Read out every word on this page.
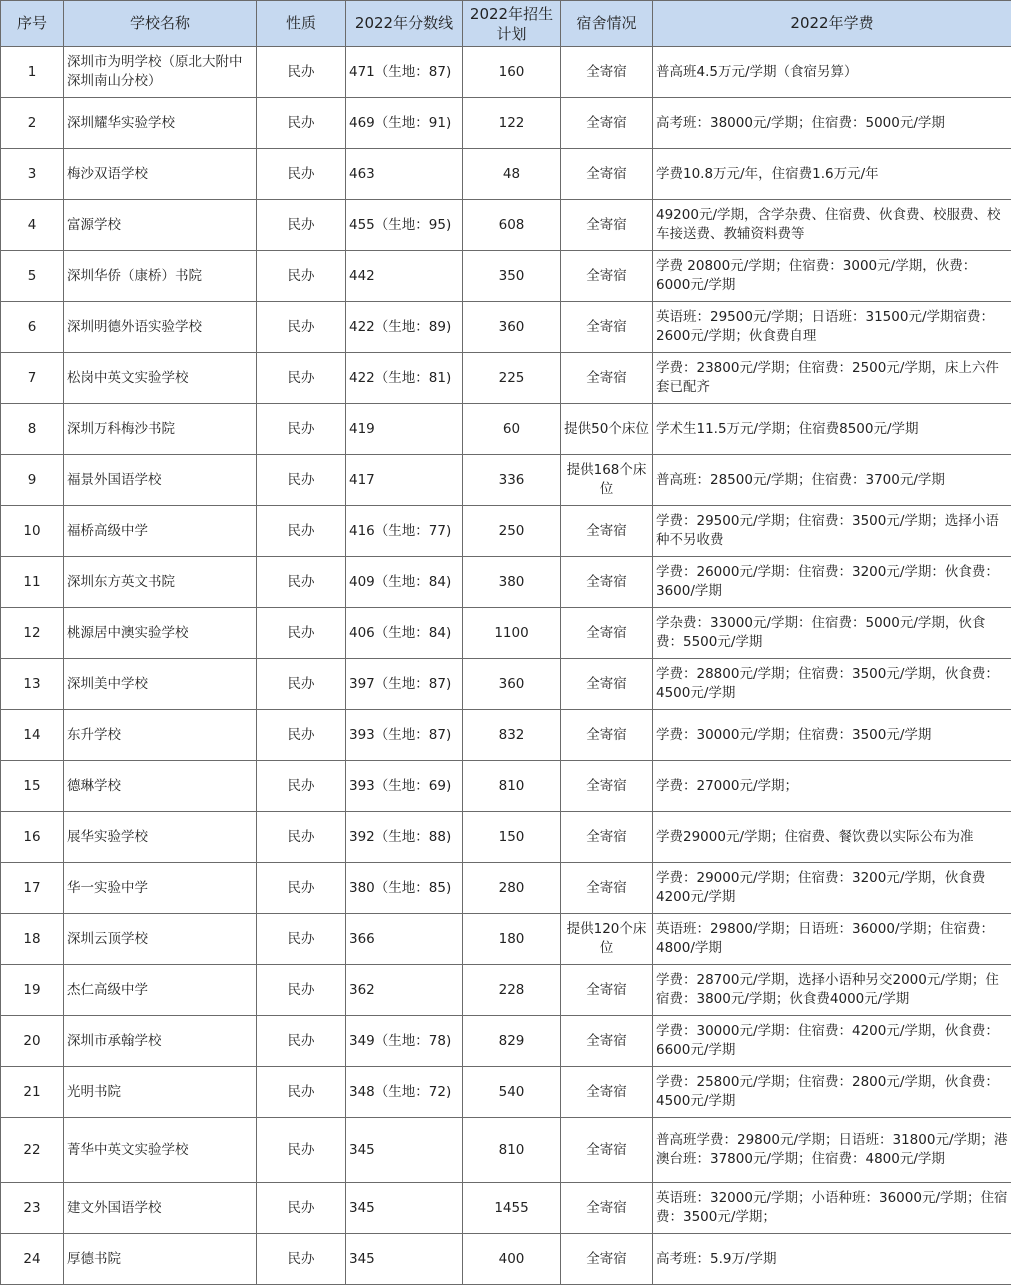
序号	学校名称	性质	2022年分数线	2022年招生计划	宿舍情况	2022年学费
1	深圳市为明学校（原北大附中深圳南山分校）	民办	471（生地：87)	160	全寄宿	普高班4.5万元/学期（食宿另算）
2	深圳耀华实验学校	民办	469（生地：91)	122	全寄宿	高考班：38000元/学期；住宿费：5000元/学期
3	梅沙双语学校	民办	463	48	全寄宿	学费10.8万元/年，住宿费1.6万元/年
4	富源学校	民办	455（生地：95)	608	全寄宿	49200元/学期，含学杂费、住宿费、伙食费、校服费、校车接送费、教辅资料费等
5	深圳华侨（康桥）书院	民办	442	350	全寄宿	学费 20800元/学期；住宿费：3000元/学期，伙费：6000元/学期
6	深圳明德外语实验学校	民办	422（生地：89)	360	全寄宿	英语班：29500元/学期；日语班：31500元/学期宿费：2600元/学期；伙食费自理
7	松岗中英文实验学校	民办	422（生地：81)	225	全寄宿	学费：23800元/学期；住宿费：2500元/学期，床上六件套已配齐
8	深圳万科梅沙书院	民办	419	60	提供50个床位	学术生11.5万元/学期；住宿费8500元/学期
9	福景外国语学校	民办	417	336	提供168个床位	普高班：28500元/学期；住宿费：3700元/学期
10	福桥高级中学	民办	416（生地：77)	250	全寄宿	学费：29500元/学期；住宿费：3500元/学期；选择小语种不另收费
11	深圳东方英文书院	民办	409（生地：84)	380	全寄宿	学费：26000元/学期：住宿费：3200元/学期：伙食费：3600/学期
12	桃源居中澳实验学校	民办	406（生地：84)	1100	全寄宿	学杂费：33000元/学期：住宿费：5000元/学期，伙食费：5500元/学期
13	深圳美中学校	民办	397（生地：87)	360	全寄宿	学费：28800元/学期；住宿费：3500元/学期，伙食费：4500元/学期
14	东升学校	民办	393（生地：87)	832	全寄宿	学费：30000元/学期；住宿费：3500元/学期
15	德琳学校	民办	393（生地：69)	810	全寄宿	学费：27000元/学期；
16	展华实验学校	民办	392（生地：88)	150	全寄宿	学费29000元/学期；住宿费、餐饮费以实际公布为准
17	华一实验中学	民办	380（生地：85)	280	全寄宿	学费：29000元/学期；住宿费：3200元/学期，伙食费 4200元/学期
18	深圳云顶学校	民办	366	180	提供120个床位	英语班：29800/学期；日语班：36000/学期；住宿费：4800/学期
19	杰仁高级中学	民办	362	228	全寄宿	学费：28700元/学期，选择小语种另交2000元/学期；住宿费：3800元/学期；伙食费4000元/学期
20	深圳市承翰学校	民办	349（生地：78)	829	全寄宿	学费：30000元/学期：住宿费：4200元/学期，伙食费：6600元/学期
21	光明书院	民办	348（生地：72)	540	全寄宿	学费：25800元/学期；住宿费：2800元/学期，伙食费：4500元/学期
22	菁华中英文实验学校	民办	345	810	全寄宿	普高班学费：29800元/学期；日语班：31800元/学期；港澳台班：37800元/学期；住宿费：4800元/学期
23	建文外国语学校	民办	345	1455	全寄宿	英语班：32000元/学期；小语种班：36000元/学期；住宿费：3500元/学期；
24	厚德书院	民办	345	400	全寄宿	高考班：5.9万/学期
